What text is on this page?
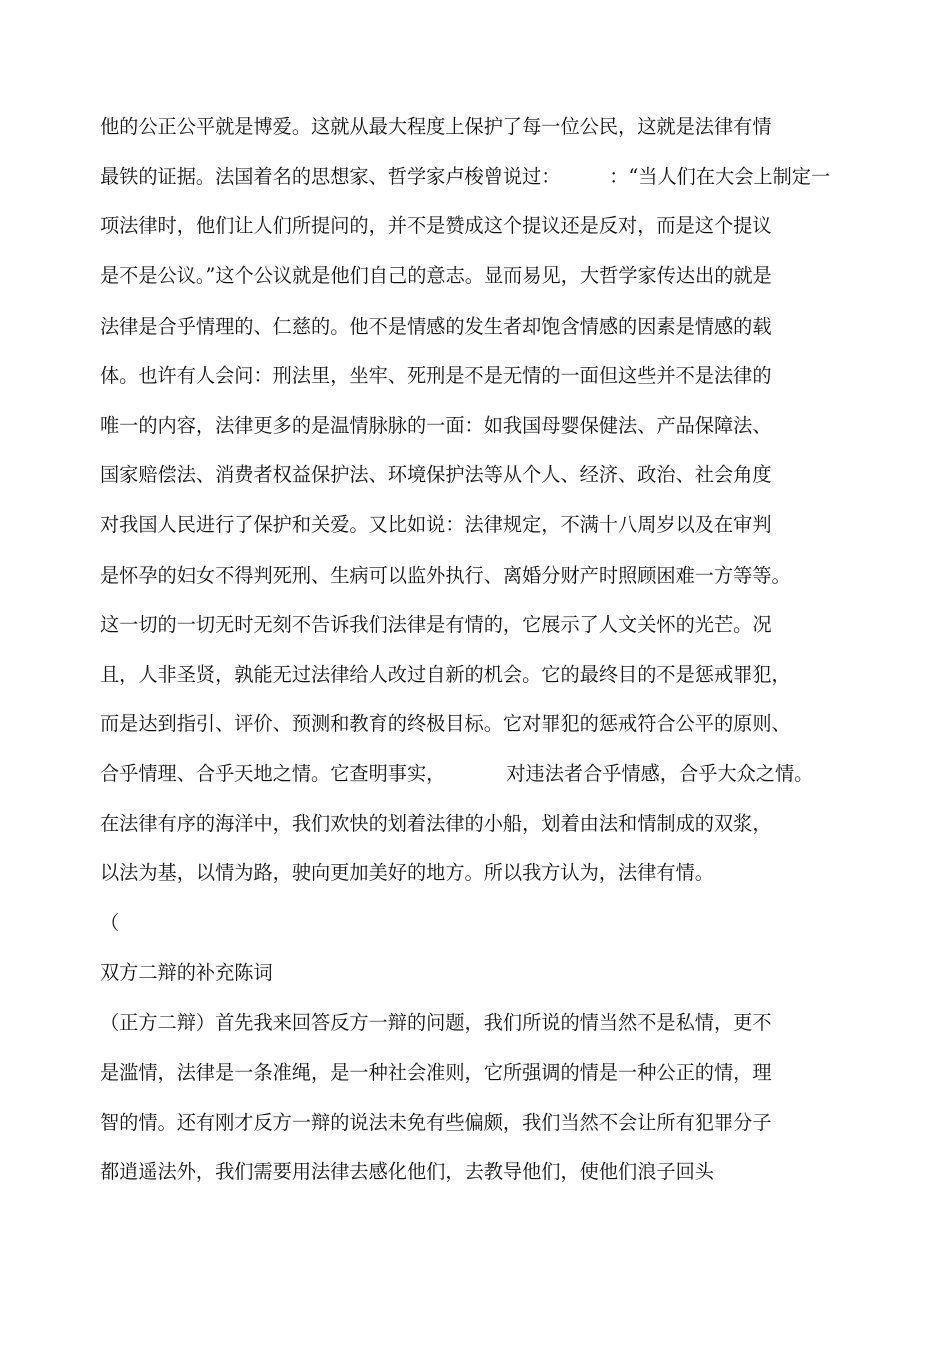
他的公正公平就是博爱。这就从最大程度上保护了每一位公民，这就是法律有情
最铁的证据。法国着名的思想家、哲学家卢梭曾说过：        ：“当人们在大会上制定一
项法律时，他们让人们所提问的，并不是赞成这个提议还是反对，而是这个提议
是不是公议。”这个公议就是他们自己的意志。显而易见，大哲学家传达出的就是
法律是合乎情理的、仁慈的。他不是情感的发生者却饱含情感的因素是情感的载
体。也许有人会问：刑法里，坐牢、死刑是不是无情的一面但这些并不是法律的
唯一的内容，法律更多的是温情脉脉的一面：如我国母婴保健法、产品保障法、
国家赔偿法、消费者权益保护法、环境保护法等从个人、经济、政治、社会角度
对我国人民进行了保护和关爱。又比如说：法律规定，不满十八周岁以及在审判
是怀孕的妇女不得判死刑、生病可以监外执行、离婚分财产时照顾困难一方等等。
这一切的一切无时无刻不告诉我们法律是有情的，它展示了人文关怀的光芒。况
且，人非圣贤，孰能无过法律给人改过自新的机会。它的最终目的不是惩戒罪犯，
而是达到指引、评价、预测和教育的终极目标。它对罪犯的惩戒符合公平的原则、
合乎情理、合乎天地之情。它查明事实，          对违法者合乎情感，合乎大众之情。
在法律有序的海洋中，我们欢快的划着法律的小船，划着由法和情制成的双浆，
以法为基，以情为路，驶向更加美好的地方。所以我方认为，法律有情。
（
双方二辩的补充陈词
（正方二辩）首先我来回答反方一辩的问题，我们所说的情当然不是私情，更不
是滥情，法律是一条准绳，是一种社会准则，它所强调的情是一种公正的情，理
智的情。还有刚才反方一辩的说法未免有些偏颇，我们当然不会让所有犯罪分子
都逍遥法外，我们需要用法律去感化他们，去教导他们，使他们浪子回头
